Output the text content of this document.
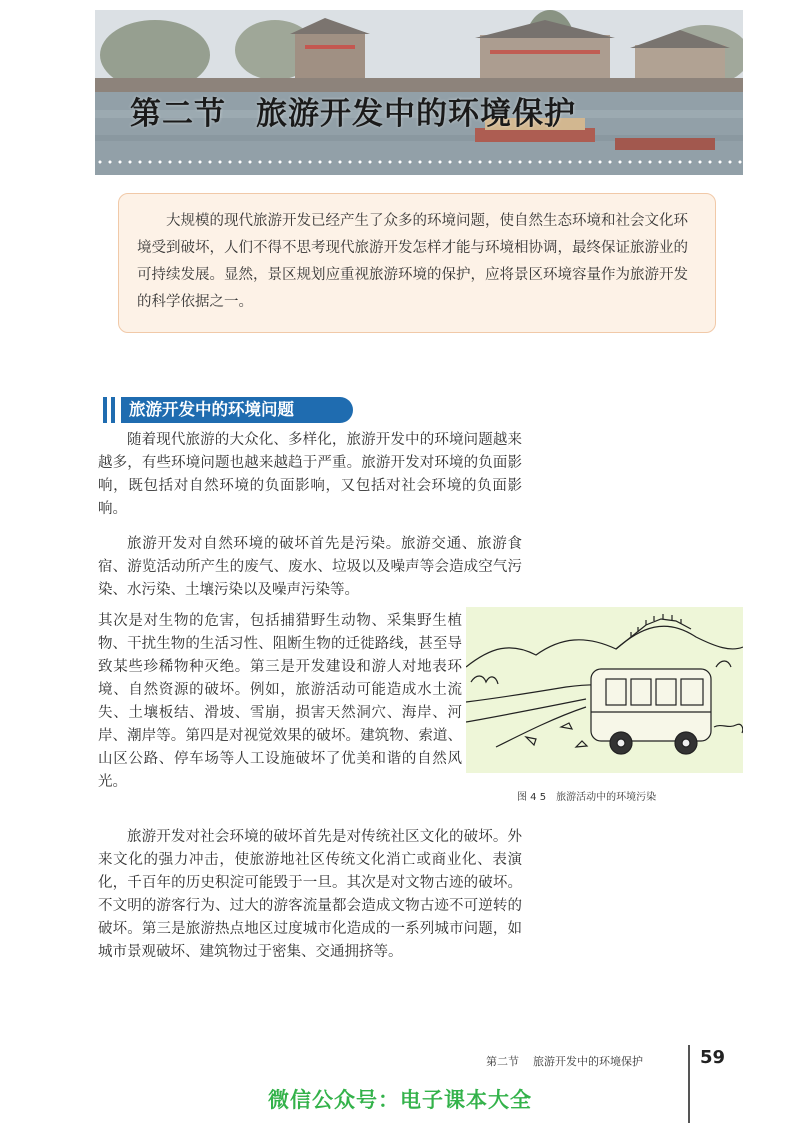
第二节 旅游开发中的环境保护
大规模的现代旅游开发已经产生了众多的环境问题，使自然生态环境和社会文化环境受到破坏，人们不得不思考现代旅游开发怎样才能与环境相协调，最终保证旅游业的可持续发展。显然，景区规划应重视旅游环境的保护，应将景区环境容量作为旅游开发的科学依据之一。
旅游开发中的环境问题
随着现代旅游的大众化、多样化，旅游开发中的环境问题越来越多，有些环境问题也越来越趋于严重。旅游开发对环境的负面影响，既包括对自然环境的负面影响，又包括对社会环境的负面影响。
旅游开发对自然环境的破坏首先是污染。旅游交通、旅游食宿、游览活动所产生的废气、废水、垃圾以及噪声等会造成空气污染、水污染、土壤污染以及噪声污染等。
其次是对生物的危害，包括捕猎野生动物、采集野生植物、干扰生物的生活习性、阻断生物的迁徙路线，甚至导致某些珍稀物种灭绝。第三是开发建设和游人对地表环境、自然资源的破坏。例如，旅游活动可能造成水土流失、土壤板结、滑坡、雪崩，损害天然洞穴、海岸、河岸、潮岸等。第四是对视觉效果的破坏。建筑物、索道、山区公路、停车场等人工设施破坏了优美和谐的自然风光。
旅游开发对社会环境的破坏首先是对传统社区文化的破坏。外来文化的强力冲击，使旅游地社区传统文化消亡或商业化、表演化，千百年的历史积淀可能毁于一旦。其次是对文物古迹的破坏。不文明的游客行为、过大的游客流量都会造成文物古迹不可逆转的破坏。第三是旅游热点地区过度城市化造成的一系列城市问题，如城市景观破坏、建筑物过于密集、交通拥挤等。
图 4 5 旅游活动中的环境污染
第二节 旅游开发中的环境保护	59
微信公众号：电子课本大全
